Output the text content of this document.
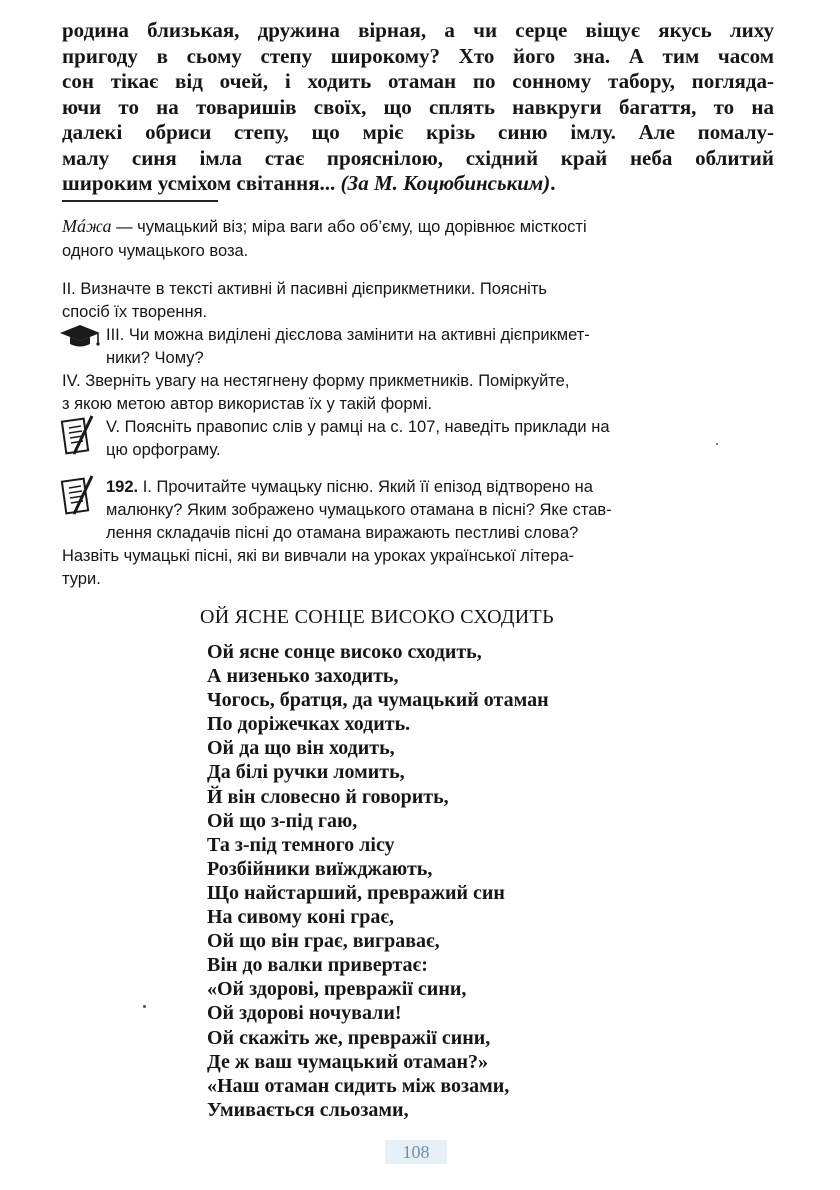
родина близькая, дружина вірная, а чи серце віщує якусь лиху
пригоду в сьому степу широкому? Хто його зна. А тим часом
сон тікає від очей, і ходить отаман по сонному табору, погляда-
ючи то на товаришів своїх, що сплять навкруги багаття, то на
далекі обриси степу, що мріє крізь синю імлу. Але помалу-
малу синя імла стає прояснілою, східний край неба облитий
широким усміхом світання... (За М. Коцюбинським).
Мáжа — чумацький віз; міра ваги або об’єму, що дорівнює місткості
одного чумацького воза.
ІІ. Визначте в тексті активні й пасивні дієприкметники. Поясніть
спосіб їх творення.
ІІІ. Чи можна виділені дієслова замінити на активні дієприкмет-
ники? Чому?
IV. Зверніть увагу на нестягнену форму прикметників. Поміркуйте,
з якою метою автор використав їх у такій формі.
V. Поясніть правопис слів у рамці на с. 107, наведіть приклади на
цю орфограму.
192. І. Прочитайте чумацьку пісню. Який її епізод відтворено на
малюнку? Яким зображено чумацького отамана в пісні? Яке став-
лення складачів пісні до отамана виражають пестливі слова?
Назвіть чумацькі пісні, які ви вивчали на уроках української літера-
тури.
ОЙ ЯСНЕ СОНЦЕ ВИСОКО СХОДИТЬ
Ой ясне сонце високо сходить,
А низенько заходить,
Чогось, братця, да чумацький отаман
По доріжечках ходить.
Ой да що він ходить,
Да білі ручки ломить,
Й він словесно й говорить,
Ой що з-під гаю,
Та з-під темного лісу
Розбійники виїжджають,
Що найстарший, превражий син
На сивому коні грає,
Ой що він грає, виграває,
Він до валки привертає:
«Ой здорові, превражії сини,
Ой здорові ночували!
Ой скажіть же, превражії сини,
Де ж ваш чумацький отаман?»
«Наш отаман сидить між возами,
Умивається сльозами,
108
